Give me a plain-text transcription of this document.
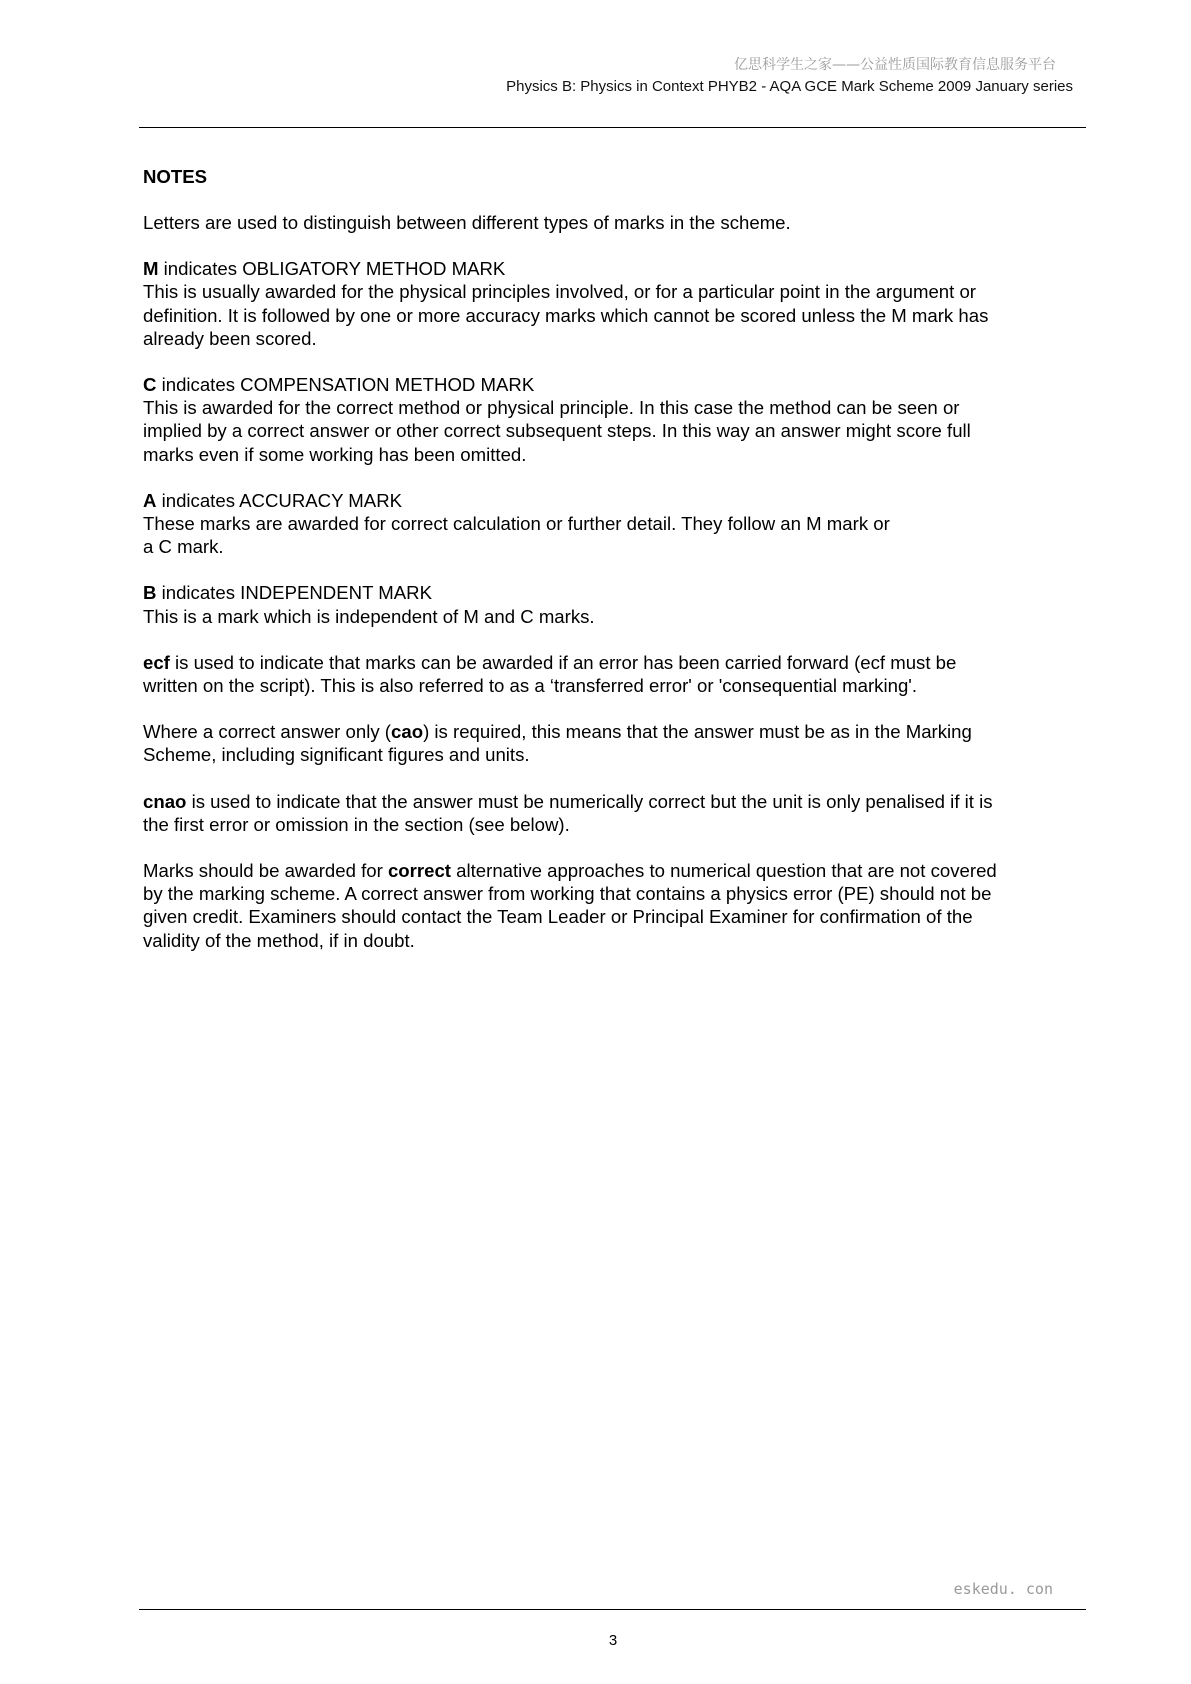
亿思科学生之家——公益性质国际教育信息服务平台
Physics B: Physics in Context PHYB2 - AQA GCE Mark Scheme 2009 January series
NOTES

Letters are used to distinguish between different types of marks in the scheme.

M indicates OBLIGATORY METHOD MARK
This is usually awarded for the physical principles involved, or for a particular point in the argument or
definition. It is followed by one or more accuracy marks which cannot be scored unless the M mark has
already been scored.

C indicates COMPENSATION METHOD MARK
This is awarded for the correct method or physical principle. In this case the method can be seen or
implied by a correct answer or other correct subsequent steps. In this way an answer might score full
marks even if some working has been omitted.

A indicates ACCURACY MARK
These marks are awarded for correct calculation or further detail. They follow an M mark or
a C mark.

B indicates INDEPENDENT MARK
This is a mark which is independent of M and C marks.

ecf is used to indicate that marks can be awarded if an error has been carried forward (ecf must be
written on the script). This is also referred to as a ‘transferred error' or 'consequential marking'.

Where a correct answer only (cao) is required, this means that the answer must be as in the Marking
Scheme, including significant figures and units.

cnao is used to indicate that the answer must be numerically correct but the unit is only penalised if it is
the first error or omission in the section (see below).

Marks should be awarded for correct alternative approaches to numerical question that are not covered
by the marking scheme. A correct answer from working that contains a physics error (PE) should not be
given credit. Examiners should contact the Team Leader or Principal Examiner for confirmation of the
validity of the method, if in doubt.

eskedu. con
3
